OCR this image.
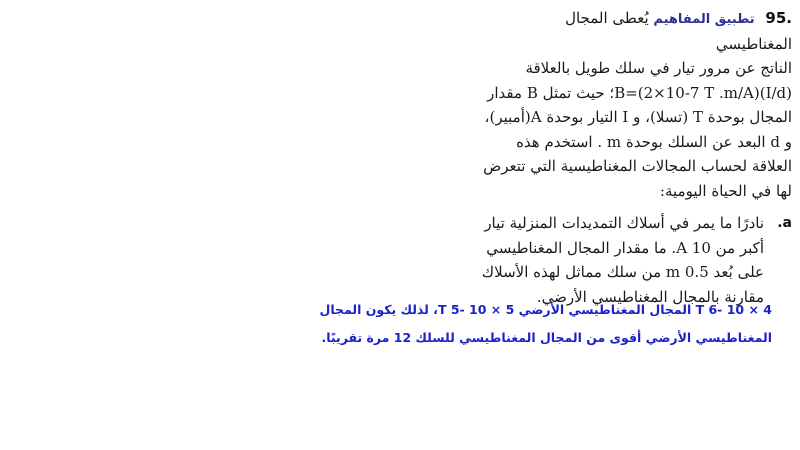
95. تطبيق المفاهيم يُعطى المجال المغناطيسي
الناتج عن مرور تيار في سلك طويل بالعلاقة
B=(2×10-7 T .m/A)(I/d)؛ حيث تمثل B مقدار
المجال بوحدة T (تسلا)، و I التيار بوحدة A(أمبير)،
و d البعد عن السلك بوحدة m . استخدم هذه
العلاقة لحساب المجالات المغناطيسية التي تتعرض
لها في الحياة اليومية:
a.
نادرًا ما يمر في أسلاك التمديدات المنزلية تيار
أكبر من A 10. ما مقدار المجال المغناطيسي
على بُعد m 0.5 من سلك مماثل لهذه الأسلاك
مقارنة بالمجال المغناطيسي الأرضي.
T 6- 10 × 4 المجال المغناطيسي الأرضي T 5- 10 × 5، لذلك يكون المجال
المغناطيسي الأرضي أقوى من المجال المغناطيسي للسلك 12 مرة تقريبًا.
